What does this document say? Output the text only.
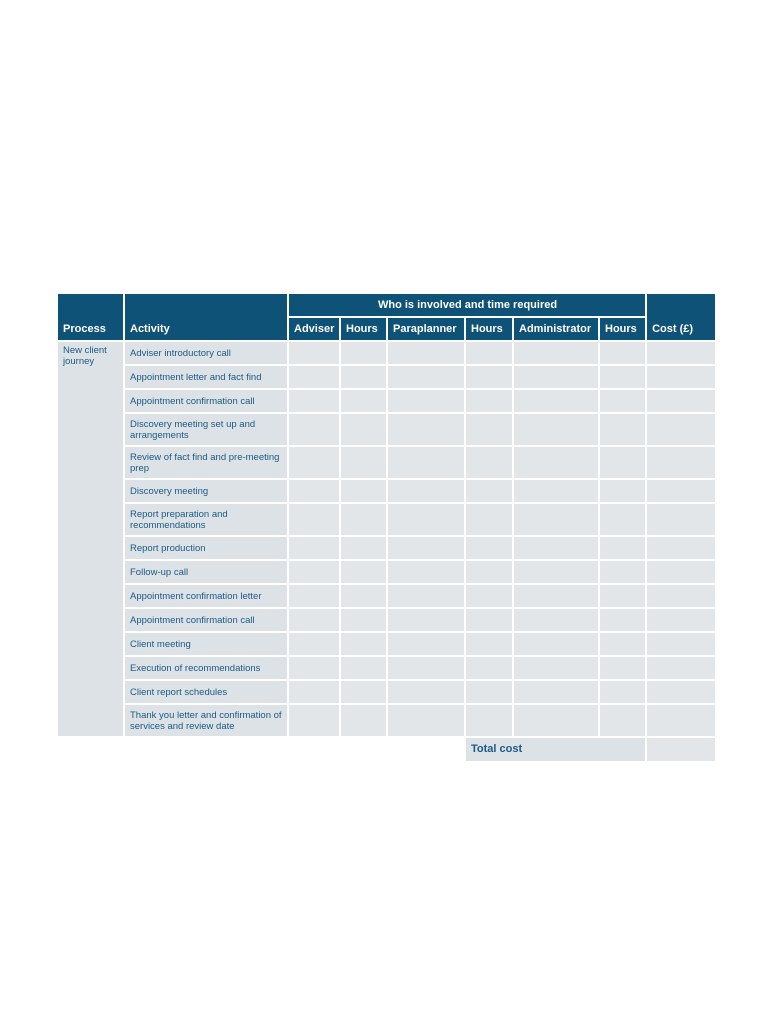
Process	Activity	Who is involved and time required						Cost (£)
		Adviser	Hours	Paraplanner	Hours	Administrator	Hours	
New client journey	Adviser introductory call							
	Appointment letter and fact find							
	Appointment confirmation call							
	Discovery meeting set up and arrangements							
	Review of fact find and pre-meeting prep							
	Discovery meeting							
	Report preparation and recommendations							
	Report production							
	Follow-up call							
	Appointment confirmation letter							
	Appointment confirmation call							
	Client meeting							
	Execution of recommendations							
	Client report schedules							
	Thank you letter and confirmation of services and review date							
					Total cost			
